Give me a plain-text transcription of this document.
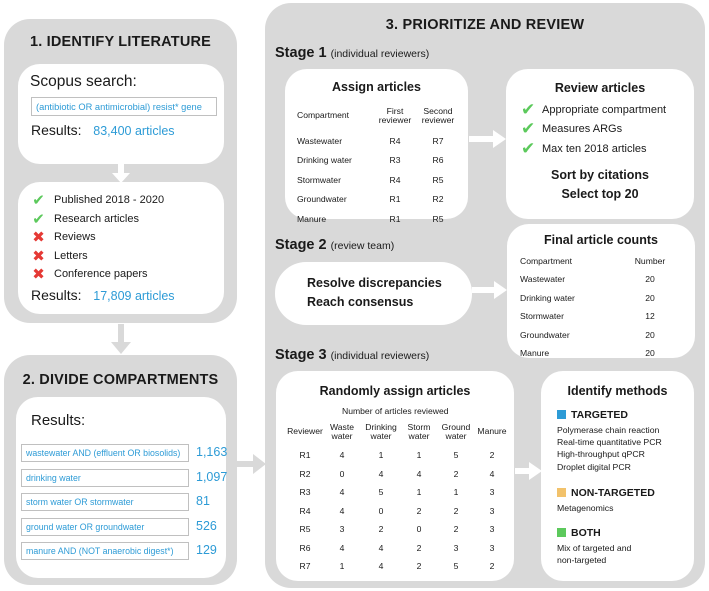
1. IDENTIFY LITERATURE
Scopus search:
(antibiotic OR antimicrobial) resist* gene
Results: 83,400 articles
✔ Published 2018 - 2020
✔ Research articles
✖ Reviews
✖ Letters
✖ Conference papers
Results: 17,809 articles
2. DIVIDE COMPARTMENTS
Results:
wastewater AND (effluent OR biosolids)	1,163
drinking water	1,097
storm water OR stormwater	81
ground water OR groundwater	526
manure AND (NOT anaerobic digest*)	129
3. PRIORITIZE AND REVIEW
Stage 1 (individual reviewers)
Assign articles
Compartment	First reviewer	Second reviewer
Wastewater	R4	R7
Drinking water	R3	R6
Stormwater	R4	R5
Groundwater	R1	R2
Manure	R1	R5
Review articles
✔ Appropriate compartment
✔ Measures ARGs
✔ Max ten 2018 articles
Sort by citations
Select top 20
Stage 2 (review team)
Resolve discrepancies
Reach consensus
Final article counts
Compartment	Number
Wastewater	20
Drinking water	20
Stormwater	12
Groundwater	20
Manure	20
Stage 3 (individual reviewers)
Randomly assign articles
Number of articles reviewed
Reviewer	Waste water	Drinking water	Storm water	Ground water	Manure
R1	4	1	1	5	2
R2	0	4	4	2	4
R3	4	5	1	1	3
R4	4	0	2	2	3
R5	3	2	0	2	3
R6	4	4	2	3	3
R7	1	4	2	5	2
Identify methods
TARGETED
Polymerase chain reaction
Real-time quantitative PCR
High-throughput qPCR
Droplet digital PCR
NON-TARGETED
Metagenomics
BOTH
Mix of targeted and
non-targeted
